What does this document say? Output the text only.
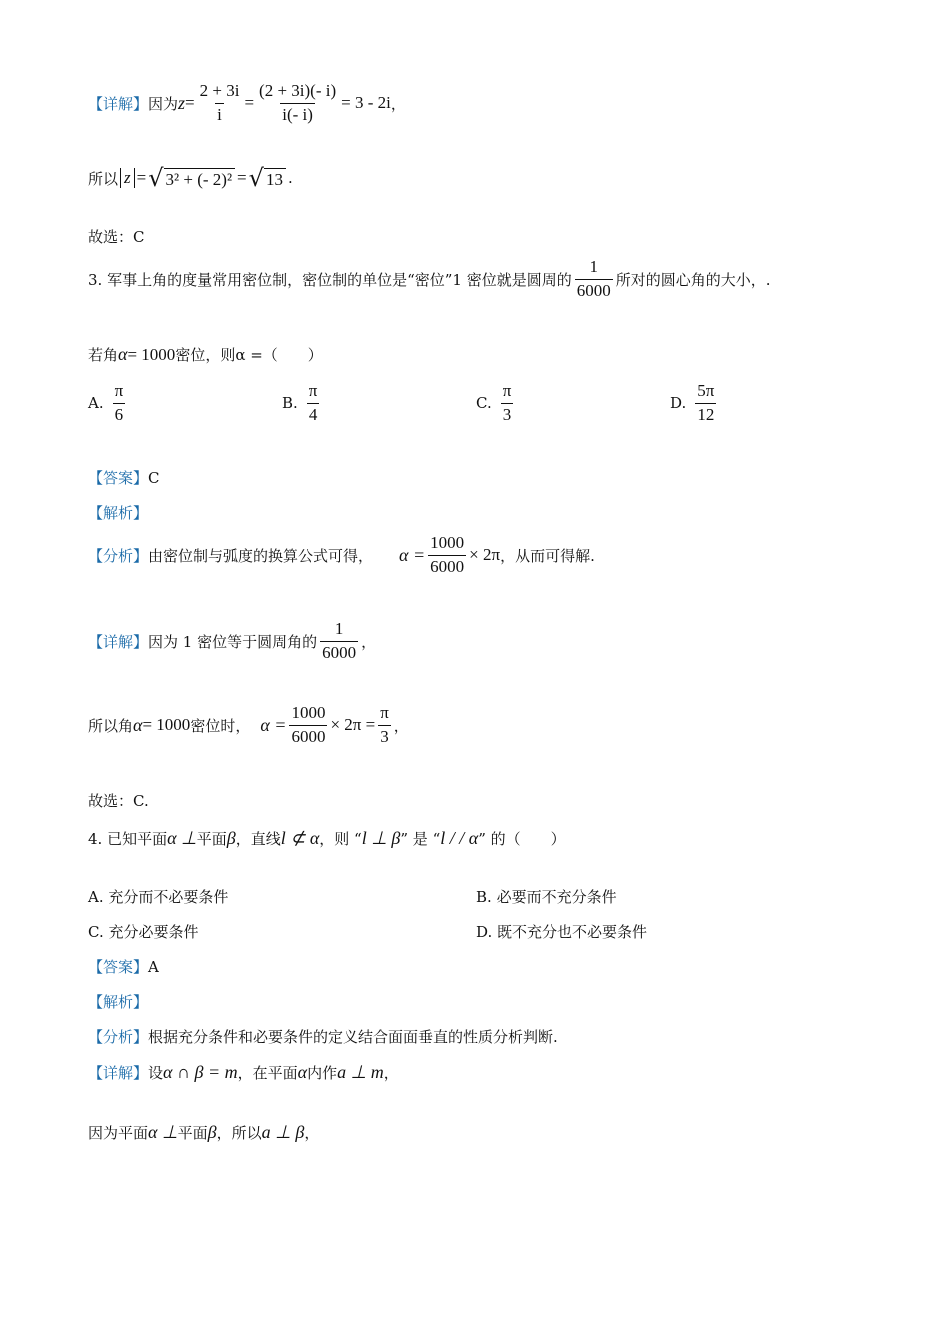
【详解】 因为 $z = \frac{2 + 3i}{i} = \frac{(2 + 3i)(- i)}{i(- i)} = 3 - 2i$ ，
所以 z = √ 3² + (- 2)² = √ 13 .
故选：C
3. 军事上角的度量常用密位制，密位制的单位是“密位”1 密位就是圆周的 $\frac{1}{6000}$ 所对的圆心角的大小，.
若角 α = 1000 密位，则 α =（　　）
A. $\frac{\pi}{6}$	B. $\frac{\pi}{4}$	C. $\frac{\pi}{3}$	D. $\frac{5\pi}{12}$
【答案】 C
【解析】
【分析】 由密位制与弧度的换算公式可得， $\alpha = \frac{1000}{6000} \times 2\pi$ ，从而可得解.
【详解】 因为 1 密位等于圆周角的 $\frac{1}{6000}$ ，
所以角 α = 1000 密位时， $\alpha = \frac{1000}{6000} \times 2\pi = \frac{\pi}{3}$ ，
故选：C.
4. 已知平面 α ⊥ 平面 β ，直线 l ⊄ α ，则 “ l ⊥ β ” 是 “ l / / α ” 的（　　）
A.
充分而不必要条件	B.
必要而不充分条件
C.
充分必要条件	D.
既不充分也不必要条件
【答案】 A
【解析】
【分析】 根据充分条件和必要条件的定义结合面面垂直的性质分析判断.
【详解】 设 α ∩ β = m ，在平面 α 内作 a ⊥ m ，
因为平面 α ⊥ 平面 β ，所以 a ⊥ β ，
